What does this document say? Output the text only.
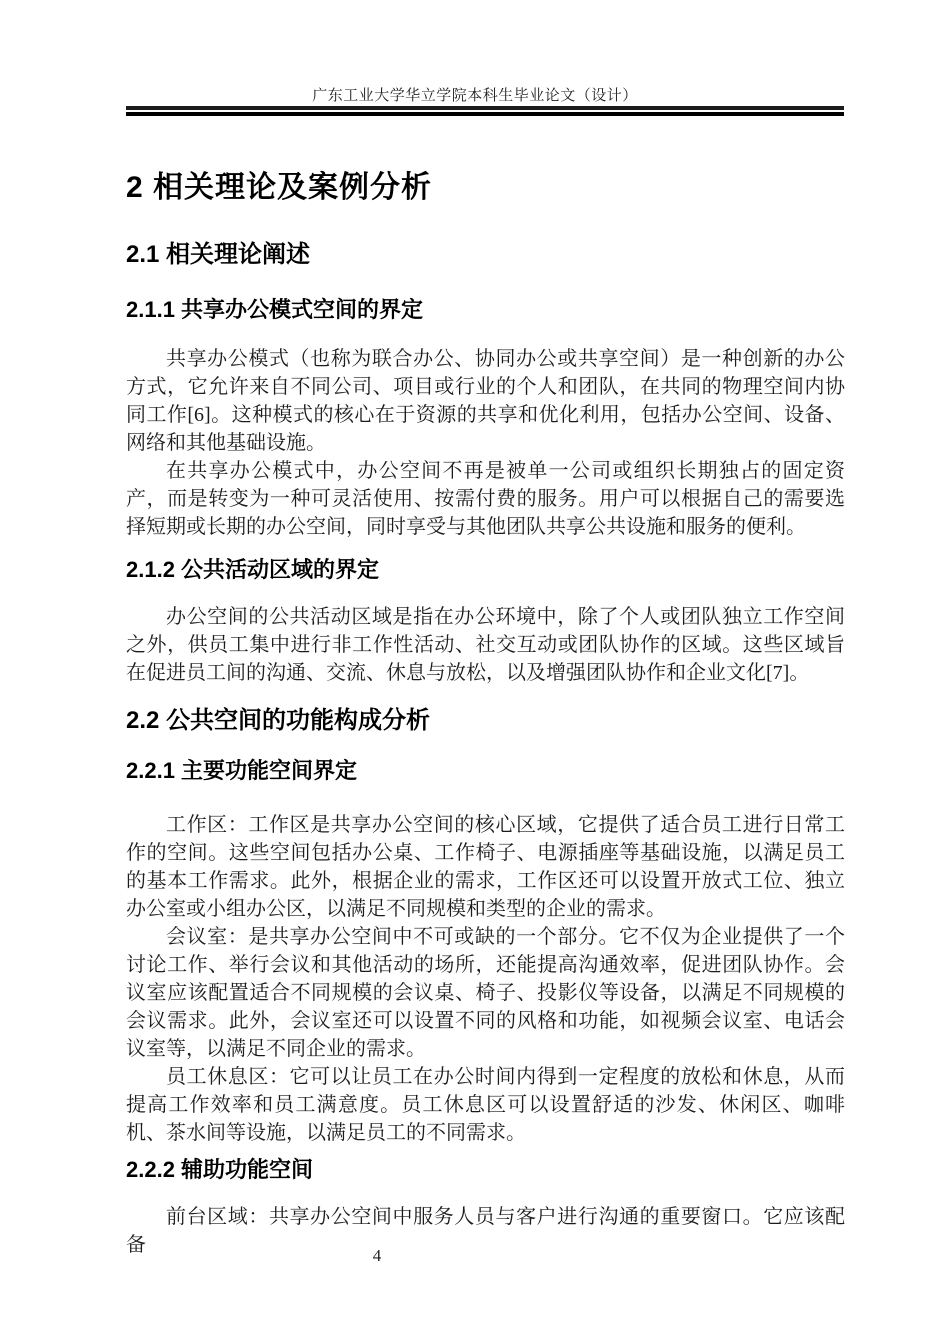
广东工业大学华立学院本科生毕业论文（设计）
2 相关理论及案例分析
2.1 相关理论阐述
2.1.1 共享办公模式空间的界定

共享办公模式（也称为联合办公、协同办公或共享空间）是一种创新的办公方式，它允许来自不同公司、项目或行业的个人和团队，在共同的物理空间内协同工作[6]。这种模式的核心在于资源的共享和优化利用，包括办公空间、设备、网络和其他基础设施。

在共享办公模式中，办公空间不再是被单一公司或组织长期独占的固定资产，而是转变为一种可灵活使用、按需付费的服务。用户可以根据自己的需要选择短期或长期的办公空间，同时享受与其他团队共享公共设施和服务的便利。

2.1.2 公共活动区域的界定

办公空间的公共活动区域是指在办公环境中，除了个人或团队独立工作空间之外，供员工集中进行非工作性活动、社交互动或团队协作的区域。这些区域旨在促进员工间的沟通、交流、休息与放松，以及增强团队协作和企业文化[7]。

2.2 公共空间的功能构成分析
2.2.1 主要功能空间界定

工作区：工作区是共享办公空间的核心区域，它提供了适合员工进行日常工作的空间。这些空间包括办公桌、工作椅子、电源插座等基础设施，以满足员工的基本工作需求。此外，根据企业的需求，工作区还可以设置开放式工位、独立办公室或小组办公区，以满足不同规模和类型的企业的需求。

会议室：是共享办公空间中不可或缺的一个部分。它不仅为企业提供了一个讨论工作、举行会议和其他活动的场所，还能提高沟通效率，促进团队协作。会议室应该配置适合不同规模的会议桌、椅子、投影仪等设备，以满足不同规模的会议需求。此外，会议室还可以设置不同的风格和功能，如视频会议室、电话会议室等，以满足不同企业的需求。

员工休息区：它可以让员工在办公时间内得到一定程度的放松和休息，从而提高工作效率和员工满意度。员工休息区可以设置舒适的沙发、休闲区、咖啡机、茶水间等设施，以满足员工的不同需求。

2.2.2 辅助功能空间

前台区域：共享办公空间中服务人员与客户进行沟通的重要窗口。它应该配备	4
